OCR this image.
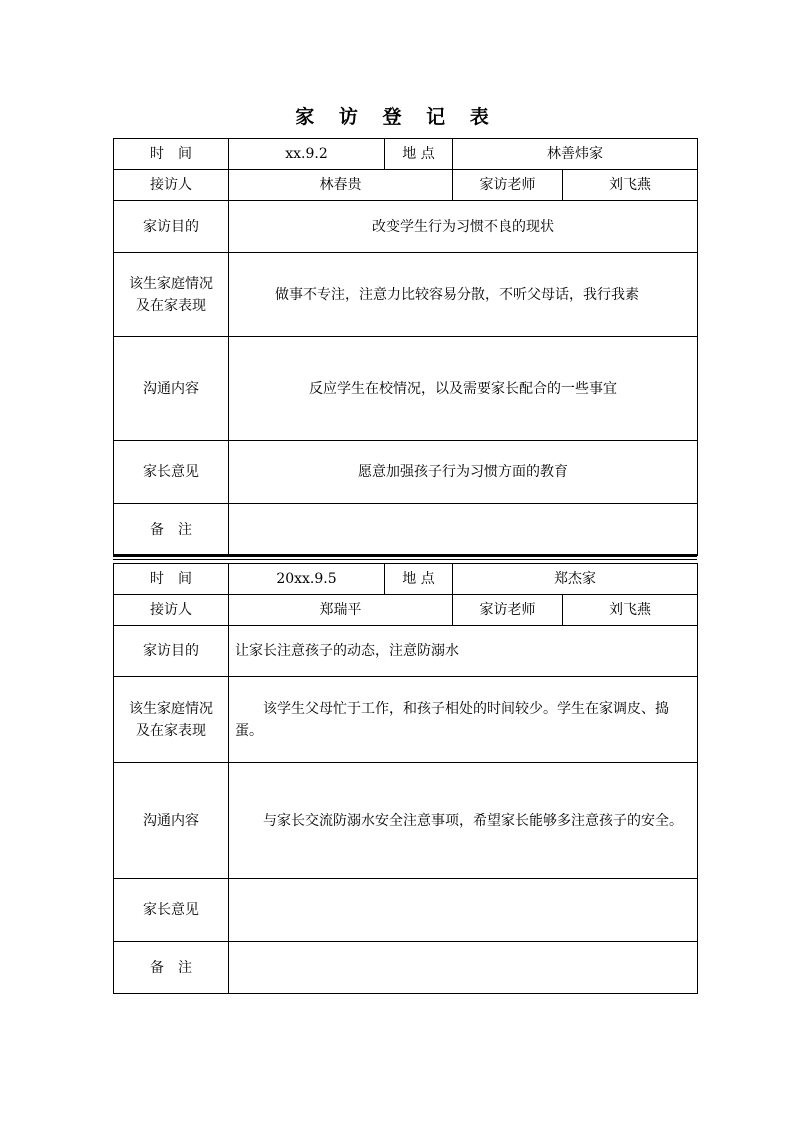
家 访 登 记 表
时　间	xx.9.2	地 点	林善炜家	
接访人	林春贵		家访老师	刘飞燕
家访目的	改变学生行为习惯不良的现状			

该生家庭情况
及在家表现	做事不专注，注意力比较容易分散，不听父母话，我行我素			
沟通内容	反应学生在校情况，以及需要家长配合的一些事宜			
家长意见	愿意加强孩子行为习惯方面的教育			
备　注				
时　间	20xx.9.5	地 点	郑杰家	
接访人	郑瑞平		家访老师	刘飞燕
家访目的	让家长注意孩子的动态，注意防溺水			

该生家庭情况
及在家表现	该学生父母忙于工作，和孩子相处的时间较少。学生在家调皮、捣蛋。			
沟通内容	与家长交流防溺水安全注意事项，希望家长能够多注意孩子的安全。			
家长意见				
备　注				
